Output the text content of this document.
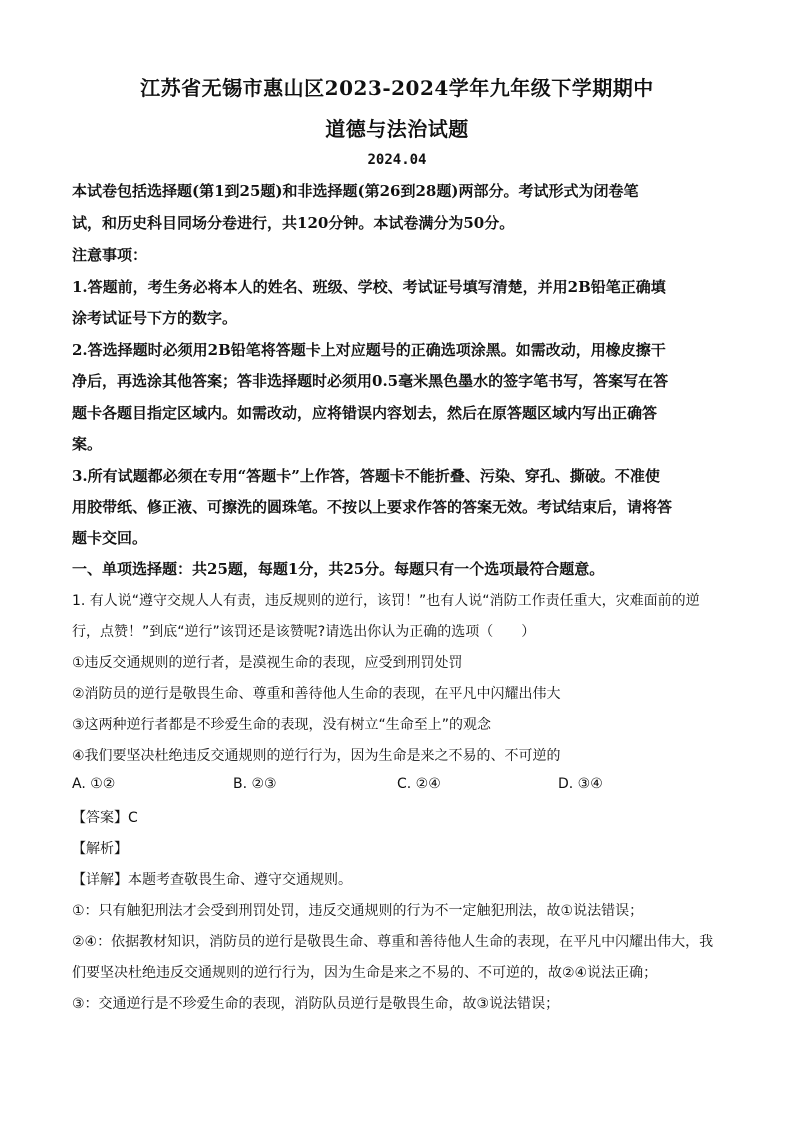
江苏省无锡市惠山区2023-2024学年九年级下学期期中
道德与法治试题
2024.04
本试卷包括选择题(第1到25题)和非选择题(第26到28题)两部分。考试形式为闭卷笔
试，和历史科目同场分卷进行，共120分钟。本试卷满分为50分。
注意事项：
1.答题前，考生务必将本人的姓名、班级、学校、考试证号填写清楚，并用2B铅笔正确填
涂考试证号下方的数字。
2.答选择题时必须用2B铅笔将答题卡上对应题号的正确选项涂黑。如需改动，用橡皮擦干
净后，再选涂其他答案；答非选择题时必须用0.5毫米黑色墨水的签字笔书写，答案写在答
题卡各题目指定区域内。如需改动，应将错误内容划去，然后在原答题区域内写出正确答
案。
3.所有试题都必须在专用“答题卡”上作答，答题卡不能折叠、污染、穿孔、撕破。不准使
用胶带纸、修正液、可擦洗的圆珠笔。不按以上要求作答的答案无效。考试结束后，请将答
题卡交回。
一、单项选择题：共25题，每题1分，共25分。每题只有一个选项最符合题意。
1. 有人说“遵守交规人人有责，违反规则的逆行，该罚！”也有人说“消防工作责任重大，灾难面前的逆
行，点赞！”到底“逆行”该罚还是该赞呢?请选出你认为正确的选项（　　）
①违反交通规则的逆行者，是漠视生命的表现，应受到刑罚处罚
②消防员的逆行是敬畏生命、尊重和善待他人生命的表现，在平凡中闪耀出伟大
③这两种逆行者都是不珍爱生命的表现，没有树立“生命至上”的观念
④我们要坚决杜绝违反交通规则的逆行行为，因为生命是来之不易的、不可逆的
A. ①②	B. ②③	C. ②④	D. ③④
【答案】C
【解析】
【详解】本题考查敬畏生命、遵守交通规则。
①：只有触犯刑法才会受到刑罚处罚，违反交通规则的行为不一定触犯刑法，故①说法错误；
②④：依据教材知识，消防员的逆行是敬畏生命、尊重和善待他人生命的表现，在平凡中闪耀出伟大，我
们要坚决杜绝违反交通规则的逆行行为，因为生命是来之不易的、不可逆的，故②④说法正确；
③：交通逆行是不珍爱生命的表现，消防队员逆行是敬畏生命，故③说法错误；
